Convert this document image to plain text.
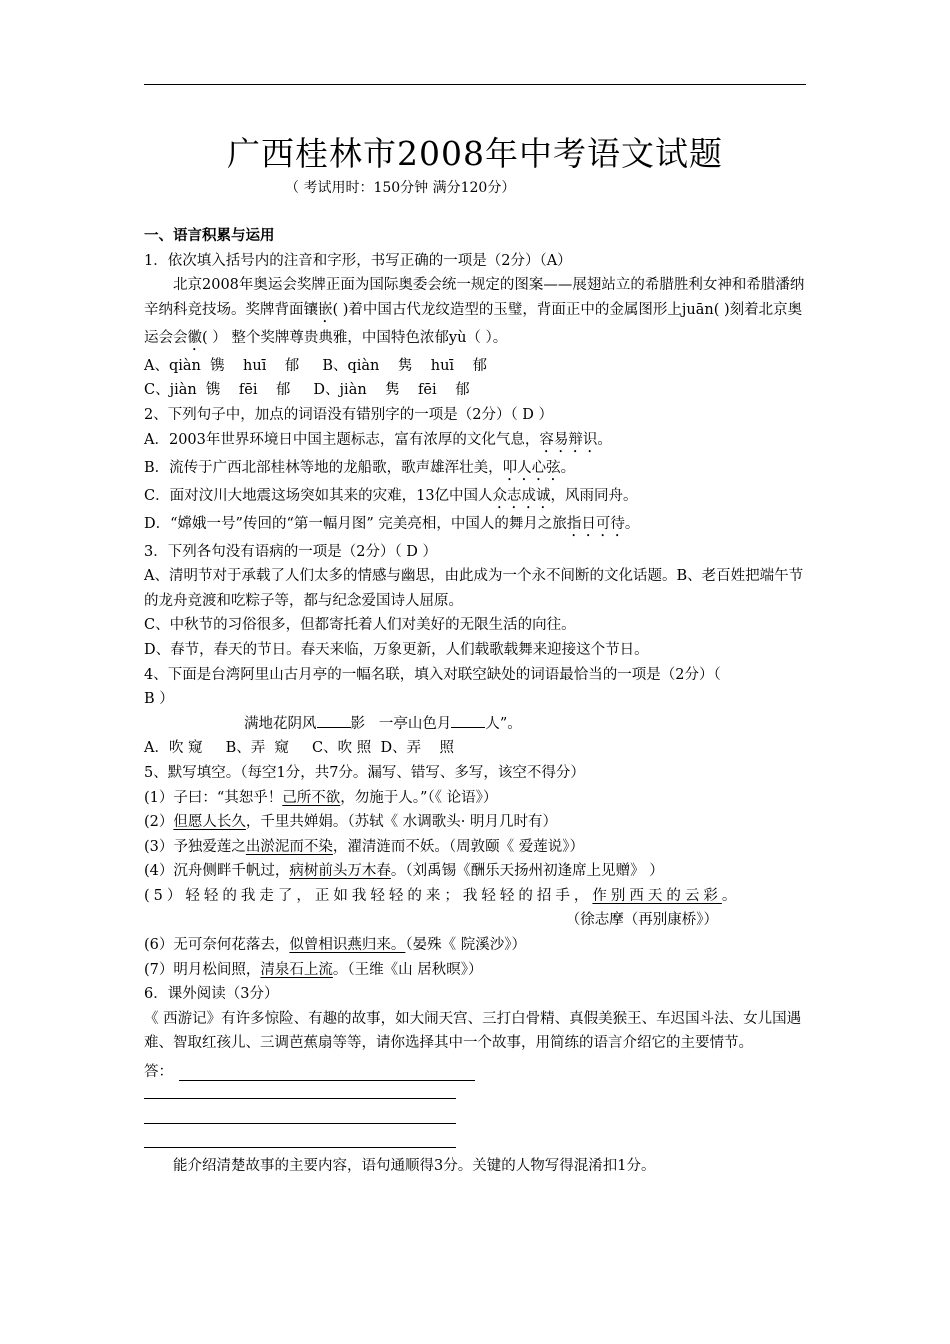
广西桂林市2008年中考语文试题
（ 考试用时：150分钟 满分120分）
一、语言积累与运用
1．依次填入括号内的注音和字形，书写正确的一项是（2分）（A）
北京2008年奥运会奖牌正面为国际奥委会统一规定的图案——展翅站立的希腊胜利女神和希腊潘纳辛纳科竞技场。奖牌背面镶嵌( )着中国古代龙纹造型的玉璧，背面正中的金属图形上juān( )刻着北京奥运会会徽( ） 整个奖牌尊贵典雅，中国特色浓郁yù（ ）。
A、qiàn  镌    huī    郁     B、qiàn    隽    huī    郁
C、jiàn  镌    fēi    郁     D、jiàn    隽    fēi    郁
2、下列句子中，加点的词语没有错别字的一项是（2分）（ D ）
A．2003年世界环境日中国主题标志，富有浓厚的文化气息，容易辩识。
B．流传于广西北部桂林等地的龙船歌，歌声雄浑壮美，叩人心弦。
C．面对汶川大地震这场突如其来的灾难，13亿中国人众志成诚，风雨同舟。
D．“嫦娥一号”传回的“第一幅月图” 完美亮相，中国人的舞月之旅指日可待。
3．下列各句没有语病的一项是（2分）（ D ）
A、清明节对于承载了人们太多的情感与幽思，由此成为一个永不间断的文化话题。B、老百姓把端午节的龙舟竞渡和吃粽子等，都与纪念爱国诗人屈原。
C、中秋节的习俗很多，但都寄托着人们对美好的无限生活的向往。
D、春节，春天的节日。春天来临，万象更新，人们载歌载舞来迎接这个节日。
4、下面是台湾阿里山古月亭的一幅名联，填入对联空缺处的词语最恰当的一项是（2分）（
B ）
满地花阴风 影   一亭山色月 人”。
A．吹 窥     B、弄  窥     C、吹 照  D、弄    照
5、默写填空。（每空1分，共7分。漏写、错写、多写，该空不得分）
(1）子曰：“其恕乎！己所不欲，勿施于人。”（《 论语》）
(2）但愿人长久，千里共婵娟。（苏轼《 水调歌头· 明月几时有）
(3）予独爱莲之出淤泥而不染，濯清涟而不妖。（周敦颐《 爱莲说》）
(4）沉舟侧畔千帆过，病树前头万木春。（刘禹锡《酬乐天扬州初逢席上见赠》 ）
(5）轻轻的我走了，正如我轻轻的来；我轻轻的招手，作别西天的云彩。
（徐志摩（再别康桥》）
(6）无可奈何花落去，似曾相识燕归来。（晏殊《 院溪沙》）
(7）明月松间照，清泉石上流。（王维《山 居秋暝》）
6．课外阅读（3分）
《 西游记》有许多惊险、有趣的故事，如大闹天宫、三打白骨精、真假美猴王、车迟国斗法、女儿国遇难、智取红孩儿、三调芭蕉扇等等，请你选择其中一个故事，用简练的语言介绍它的主要情节。
答：
能介绍清楚故事的主要内容，语句通顺得3分。关键的人物写得混淆扣1分。
